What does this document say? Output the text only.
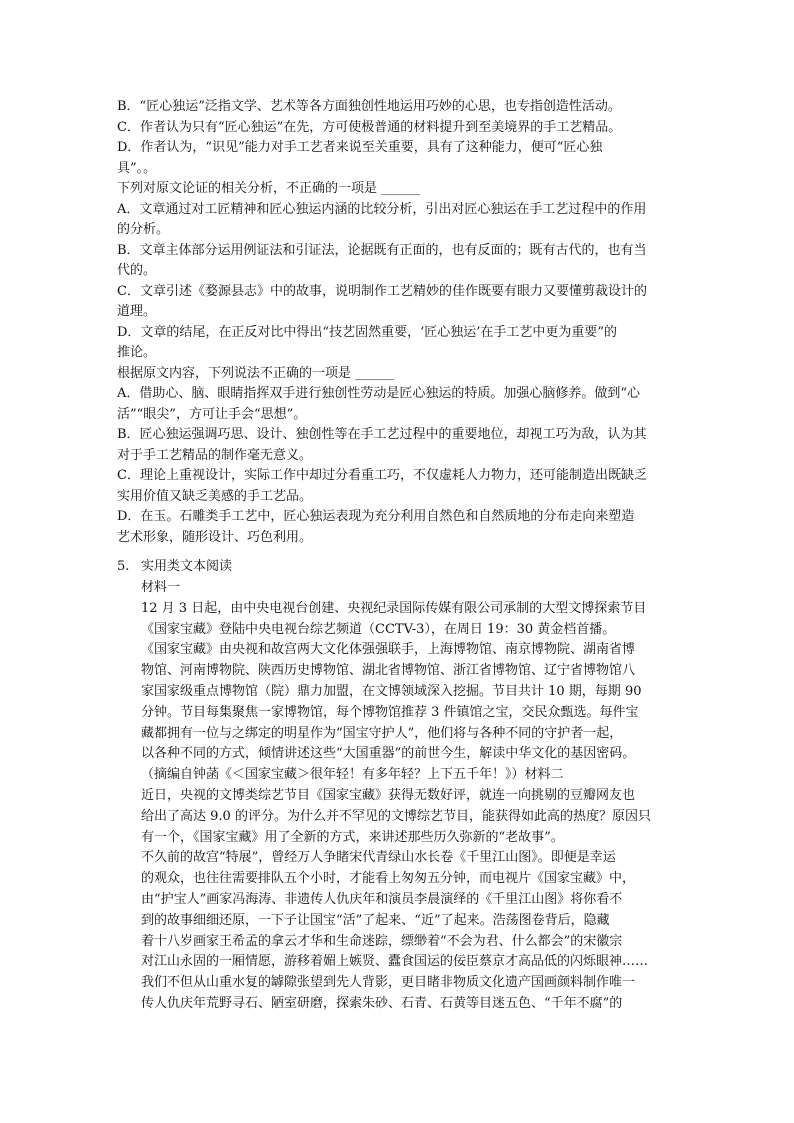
B．“匠心独运”泛指文学、艺术等各方面独创性地运用巧妙的心思，也专指创造性活动。
C．作者认为只有“匠心独运”在先，方可使极普通的材料提升到至美境界的手工艺精品。
D．作者认为，“识见”能力对手工艺者来说至关重要，具有了这种能力，便可“匠心独
具”。。
下列对原文论证的相关分析，不正确的一项是 ______
A．文章通过对工匠精神和匠心独运内涵的比较分析，引出对匠心独运在手工艺过程中的作用
的分析。
B．文章主体部分运用例证法和引证法，论据既有正面的，也有反面的；既有古代的，也有当
代的。
C．文章引述《婺源县志》中的故事，说明制作工艺精妙的佳作既要有眼力又要懂剪裁设计的
道理。
D．文章的结尾，在正反对比中得出“技艺固然重要，‘匠心独运’在手工艺中更为重要”的
推论。
根据原文内容，下列说法不正确的一项是 ______
A．借助心、脑、眼睛指挥双手进行独创性劳动是匠心独运的特质。加强心脑修养。做到“心
活”“眼尖”，方可让手会“思想”。
B．匠心独运强调巧思、设计、独创性等在手工艺过程中的重要地位，却视工巧为敌，认为其
对于手工艺精品的制作毫无意义。
C．理论上重视设计，实际工作中却过分看重工巧，不仅虚耗人力物力，还可能制造出既缺乏
实用价值又缺乏美感的手工艺品。
D．在玉。石雕类手工艺中，匠心独运表现为充分利用自然色和自然质地的分布走向来塑造
艺术形象，随形设计、巧色利用。
5. 实用类文本阅读
材料一
12 月 3 日起，由中央电视台创建、央视纪录国际传媒有限公司承制的大型文博探索节目
《国家宝藏》登陆中央电视台综艺频道（CCTV-3），在周日 19：30 黄金档首播。
《国家宝藏》由央视和故宫两大文化体强强联手，上海博物馆、南京博物院、湖南省博
物馆、河南博物院、陕西历史博物馆、湖北省博物馆、浙江省博物馆、辽宁省博物馆八
家国家级重点博物馆（院）鼎力加盟，在文博领域深入挖掘。节目共计 10 期，每期 90
分钟。节目每集聚焦一家博物馆，每个博物馆推荐 3 件镇馆之宝，交民众甄选。每件宝
藏都拥有一位与之绑定的明星作为“国宝守护人”，他们将与各种不同的守护者一起，
以各种不同的方式，倾情讲述这些“大国重器”的前世今生，解读中华文化的基因密码。
（摘编自钟菡《＜国家宝藏＞很年轻！有多年轻？上下五千年！》）材料二
近日，央视的文博类综艺节目《国家宝藏》获得无数好评，就连一向挑剔的豆瓣网友也
给出了高达 9.0 的评分。为什么并不罕见的文博综艺节目，能获得如此高的热度？原因只
有一个，《国家宝藏》用了全新的方式，来讲述那些历久弥新的“老故事”。
不久前的故宫“特展”，曾经万人争睹宋代青绿山水长卷《千里江山图》。即便是幸运
的观众，也往往需要排队五个小时，才能看上匆匆五分钟，而电视片《国家宝藏》中，
由“护宝人”画家冯海涛、非遗传人仇庆年和演员李晨演绎的《千里江山图》将你看不
到的故事细细还原，一下子让国宝“活”了起来、“近”了起来。浩荡图卷背后，隐藏
着十八岁画家王希孟的拿云才华和生命迷踪，缥缈着“不会为君、什么都会”的宋徽宗
对江山永固的一厢情愿，游移着媚上嫉贤、蠹食国运的佞臣蔡京才高品低的闪烁眼神……
我们不但从山重水复的罅隙张望到先人背影，更目睹非物质文化遗产国画颜料制作唯一
传人仇庆年荒野寻石、陋室研磨，探索朱砂、石青、石黄等目迷五色、“千年不腐”的
